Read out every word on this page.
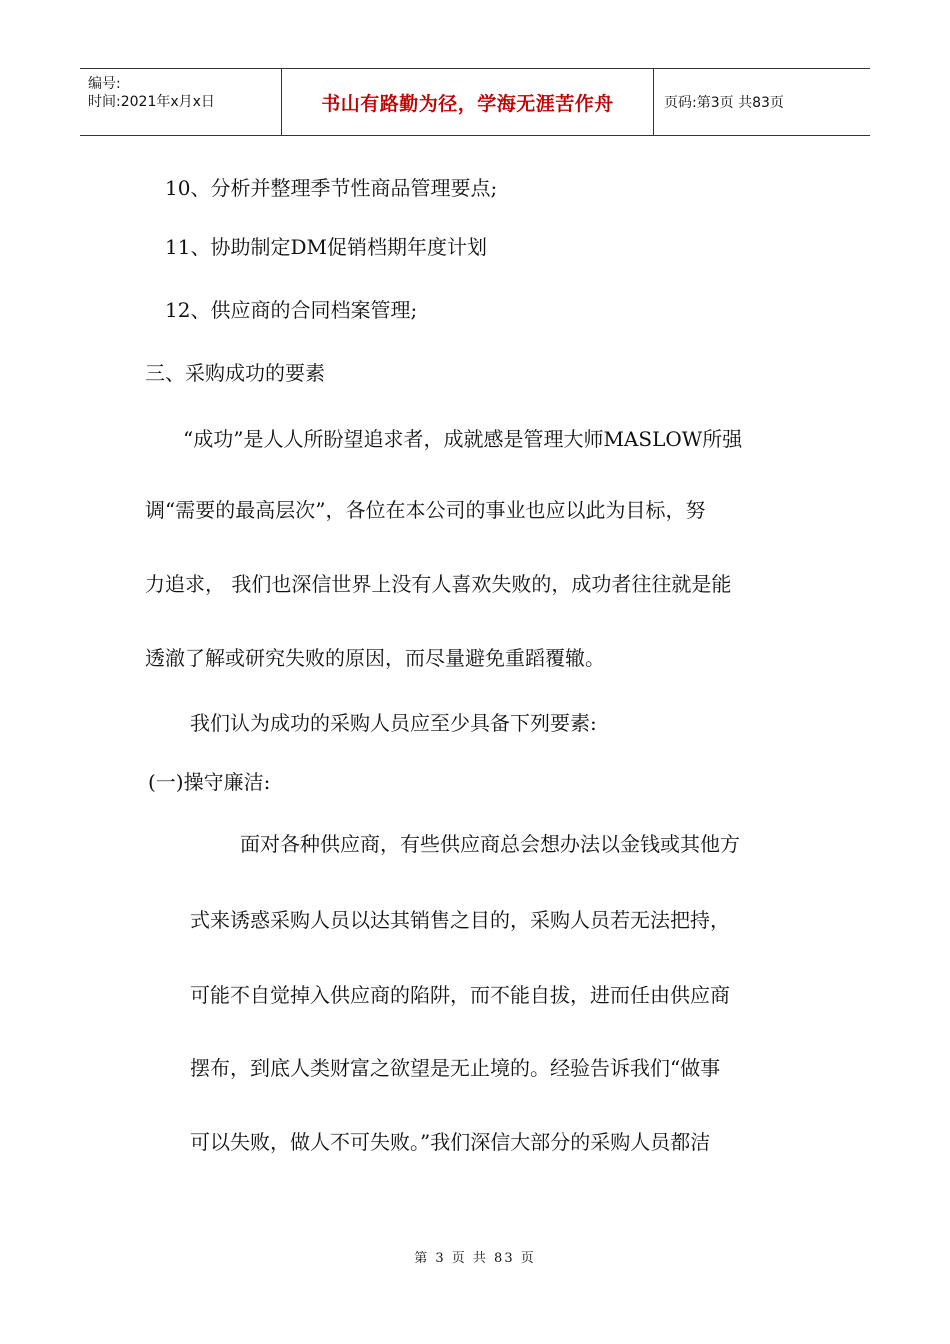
编号:
时间:2021年x月x日	书山有路勤为径，学海无涯苦作舟	页码:第3页 共83页
10、分析并整理季节性商品管理要点;
11、协助制定DM促销档期年度计划
12、供应商的合同档案管理;
三、采购成功的要素
“成功”是人人所盼望追求者，成就感是管理大师MASLOW所强
调“需要的最高层次”，各位在本公司的事业也应以此为目标，努
力追求， 我们也深信世界上没有人喜欢失败的，成功者往往就是能
透澈了解或研究失败的原因，而尽量避免重蹈覆辙。
我们认为成功的采购人员应至少具备下列要素:
(一)操守廉洁:
面对各种供应商，有些供应商总会想办法以金钱或其他方
式来诱惑采购人员以达其销售之目的，采购人员若无法把持，
可能不自觉掉入供应商的陷阱，而不能自拔，进而任由供应商
摆布，到底人类财富之欲望是无止境的。经验告诉我们“做事
可以失败，做人不可失败。”我们深信大部分的采购人员都洁
第 3 页 共 83 页
